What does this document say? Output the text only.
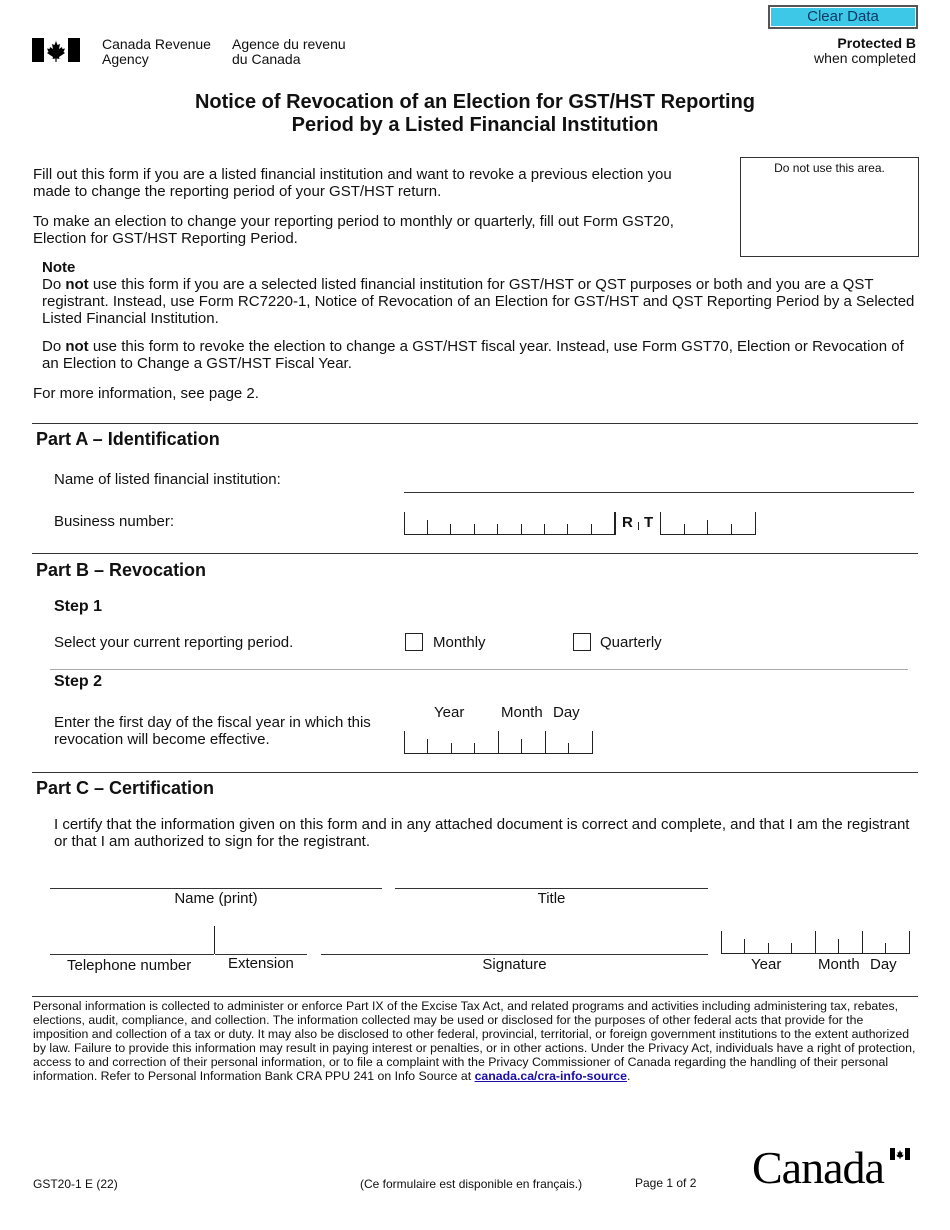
Clear Data
Canada Revenue
Agency
Agence du revenu
du Canada
Protected B
when completed
Notice of Revocation of an Election for GST/HST Reporting
Period by a Listed Financial Institution
Do not use this area.
Fill out this form if you are a listed financial institution and want to revoke a previous election you made to change the reporting period of your GST/HST return.
To make an election to change your reporting period to monthly or quarterly, fill out Form GST20, Election for GST/HST Reporting Period.
Note
Do not use this form if you are a selected listed financial institution for GST/HST or QST purposes or both and you are a QST registrant. Instead, use Form RC7220-1, Notice of Revocation of an Election for GST/HST and QST Reporting Period by a Selected Listed Financial Institution.
Do not use this form to revoke the election to change a GST/HST fiscal year. Instead, use Form GST70, Election or Revocation of an Election to Change a GST/HST Fiscal Year.
For more information, see page 2.
Part A – Identification
Name of listed financial institution:
Business number:	R T
Part B – Revocation
Step 1
Select your current reporting period.	Monthly	Quarterly
Step 2
Enter the first day of the fiscal year in which this
revocation will become effective.
Year Month Day
Part C – Certification
I certify that the information given on this form and in any attached document is correct and complete, and that I am the registrant or that I am authorized to sign for the registrant.
Name (print)	Title
Telephone number Extension	Signature	Year Month Day
Personal information is collected to administer or enforce Part IX of the Excise Tax Act, and related programs and activities including administering tax, rebates, elections, audit, compliance, and collection. The information collected may be used or disclosed for the purposes of other federal acts that provide for the imposition and collection of a tax or duty. It may also be disclosed to other federal, provincial, territorial, or foreign government institutions to the extent authorized by law. Failure to provide this information may result in paying interest or penalties, or in other actions. Under the Privacy Act, individuals have a right of protection, access to and correction of their personal information, or to file a complaint with the Privacy Commissioner of Canada regarding the handling of their personal information. Refer to Personal Information Bank CRA PPU 241 on Info Source at canada.ca/cra-info-source.
GST20-1 E (22)	(Ce formulaire est disponible en français.)	Page 1 of 2 Canada
